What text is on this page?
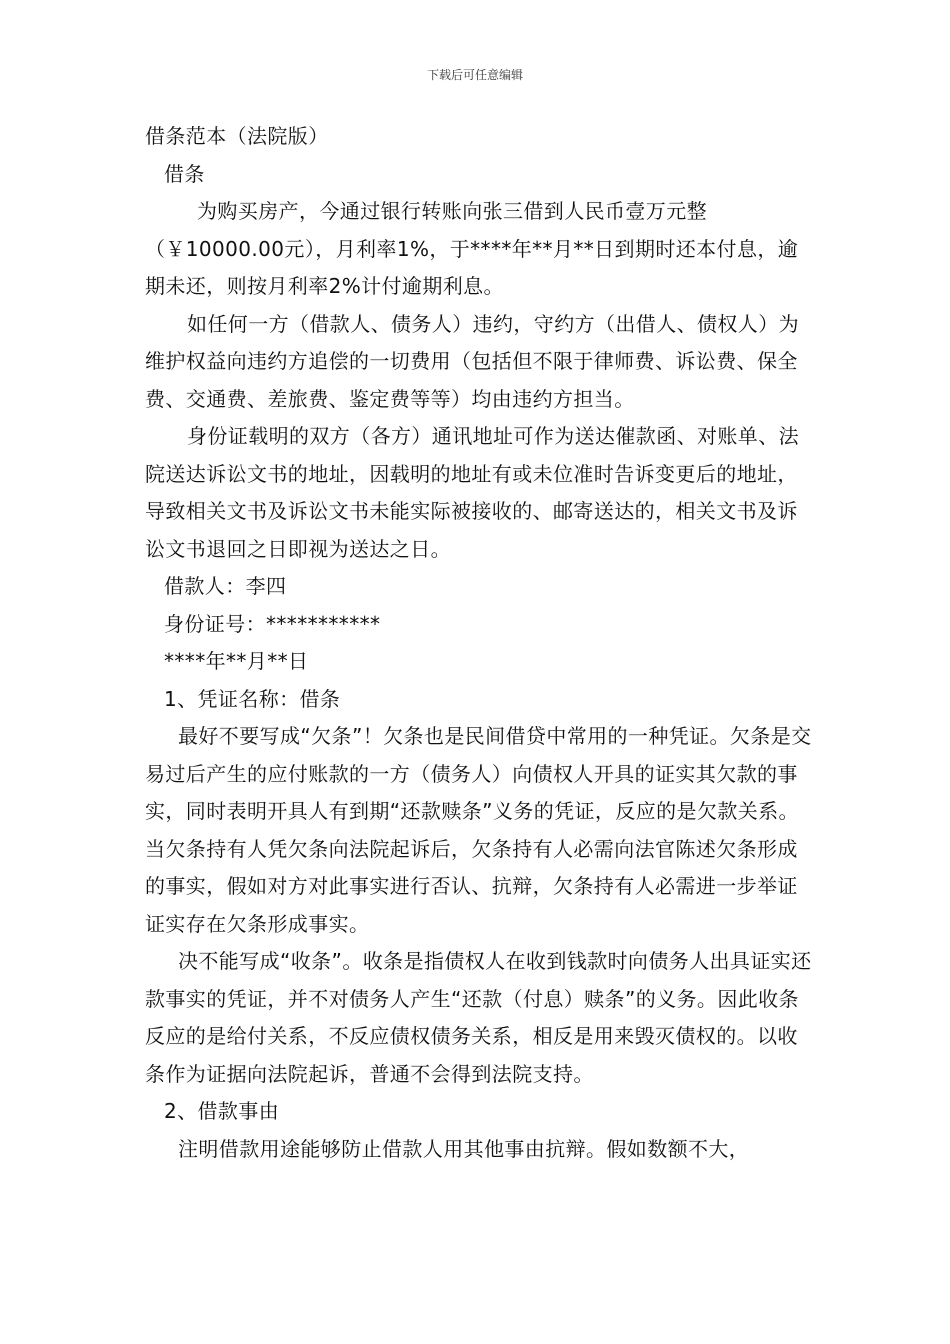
下载后可任意编辑

借条范本（法院版）

借条

为购买房产，今通过银行转账向张三借到人民币壹万元整（￥10000.00元），月利率1%，于****年**月**日到期时还本付息，逾期未还，则按月利率2%计付逾期利息。

如任何一方（借款人、债务人）违约，守约方（出借人、债权人）为维护权益向违约方追偿的一切费用（包括但不限于律师费、诉讼费、保全费、交通费、差旅费、鉴定费等等）均由违约方担当。

身份证载明的双方（各方）通讯地址可作为送达催款函、对账单、法院送达诉讼文书的地址，因载明的地址有或未位准时告诉变更后的地址，导致相关文书及诉讼文书未能实际被接收的、邮寄送达的，相关文书及诉讼文书退回之日即视为送达之日。

借款人：李四

身份证号：***********

****年**月**日

1、凭证名称：借条

最好不要写成“欠条”！欠条也是民间借贷中常用的一种凭证。欠条是交易过后产生的应付账款的一方（债务人）向债权人开具的证实其欠款的事实，同时表明开具人有到期“还款赎条”义务的凭证，反应的是欠款关系。当欠条持有人凭欠条向法院起诉后，欠条持有人必需向法官陈述欠条形成的事实，假如对方对此事实进行否认、抗辩，欠条持有人必需进一步举证证实存在欠条形成事实。

决不能写成“收条”。收条是指债权人在收到钱款时向债务人出具证实还款事实的凭证，并不对债务人产生“还款（付息）赎条”的义务。因此收条反应的是给付关系，不反应债权债务关系，相反是用来毁灭债权的。以收条作为证据向法院起诉，普通不会得到法院支持。

2、借款事由

注明借款用途能够防止借款人用其他事由抗辩。假如数额不大，
